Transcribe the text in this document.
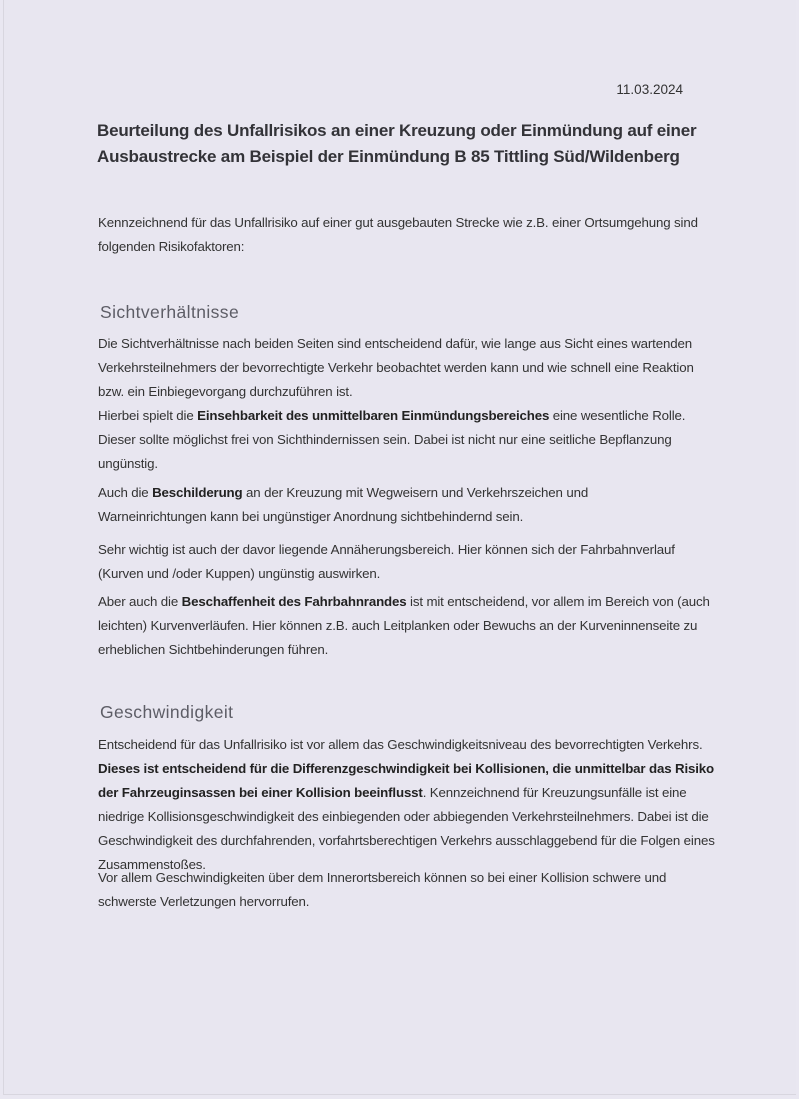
11.03.2024
Beurteilung des Unfallrisikos an einer Kreuzung oder Einmündung auf einer
Ausbaustrecke am Beispiel der Einmündung B 85 Tittling Süd/Wildenberg
Kennzeichnend für das Unfallrisiko auf einer gut ausgebauten Strecke wie z.B. einer Ortsumgehung sind folgenden Risikofaktoren:
Sichtverhältnisse
Die Sichtverhältnisse nach beiden Seiten sind entscheidend dafür, wie lange aus Sicht eines wartenden Verkehrsteilnehmers der bevorrechtigte Verkehr beobachtet werden kann und wie schnell eine Reaktion bzw. ein Einbiegevorgang durchzuführen ist.
Hierbei spielt die Einsehbarkeit des unmittelbaren Einmündungsbereiches eine wesentliche Rolle. Dieser sollte möglichst frei von Sichthindernissen sein. Dabei ist nicht nur eine seitliche Bepflanzung ungünstig.
Auch die Beschilderung an der Kreuzung mit Wegweisern und Verkehrszeichen und Warneinrichtungen kann bei ungünstiger Anordnung sichtbehindernd sein.
Sehr wichtig ist auch der davor liegende Annäherungsbereich. Hier können sich der Fahrbahnverlauf (Kurven und /oder Kuppen) ungünstig auswirken.
Aber auch die Beschaffenheit des Fahrbahnrandes ist mit entscheidend, vor allem im Bereich von (auch leichten) Kurvenverläufen. Hier können z.B. auch Leitplanken oder Bewuchs an der Kurveninnenseite zu erheblichen Sichtbehinderungen führen.
Geschwindigkeit
Entscheidend für das Unfallrisiko ist vor allem das Geschwindigkeitsniveau des bevorrechtigten Verkehrs. Dieses ist entscheidend für die Differenzgeschwindigkeit bei Kollisionen, die unmittelbar das Risiko der Fahrzeuginsassen bei einer Kollision beeinflusst. Kennzeichnend für Kreuzungsunfälle ist eine niedrige Kollisionsgeschwindigkeit des einbiegenden oder abbiegenden Verkehrsteilnehmers. Dabei ist die Geschwindigkeit des durchfahrenden, vorfahrtsberechtigen Verkehrs ausschlaggebend für die Folgen eines Zusammenstoßes.
Vor allem Geschwindigkeiten über dem Innerortsbereich können so bei einer Kollision schwere und schwerste Verletzungen hervorrufen.
